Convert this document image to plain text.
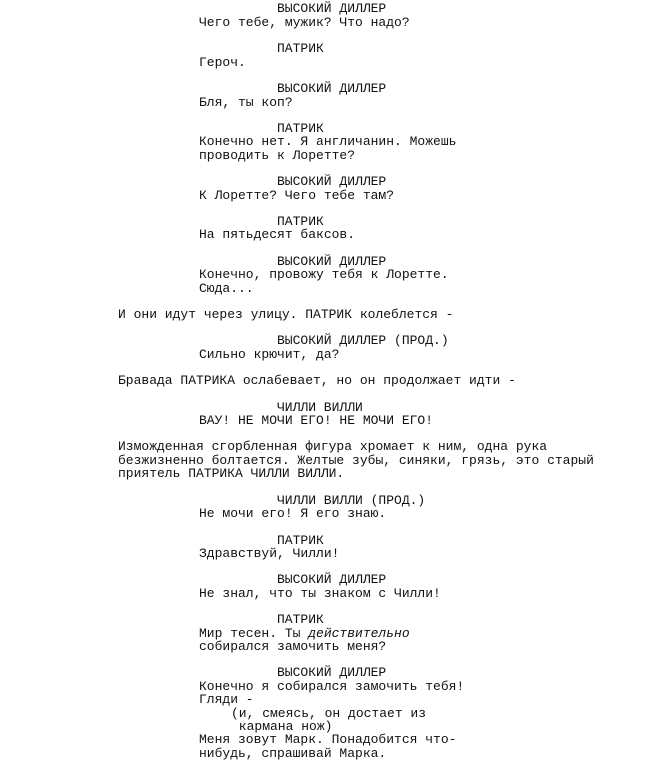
ВЫСОКИЙ ДИЛЛЕР
Чего тебе, мужик? Что надо?
ПАТРИК
Героч.
ВЫСОКИЙ ДИЛЛЕР
Бля, ты коп?
ПАТРИК
Конечно нет. Я англичанин. Можешь
проводить к Лоретте?
ВЫСОКИЙ ДИЛЛЕР
К Лоретте? Чего тебе там?
ПАТРИК
На пятьдесят баксов.
ВЫСОКИЙ ДИЛЛЕР
Конечно, провожу тебя к Лоретте.
Сюда...
И они идут через улицу. ПАТРИК колеблется -
ВЫСОКИЙ ДИЛЛЕР (ПРОД.)
Сильно крючит, да?
Бравада ПАТРИКА ослабевает, но он продолжает идти -
ЧИЛЛИ ВИЛЛИ
ВАУ! НЕ МОЧИ ЕГО! НЕ МОЧИ ЕГО!
Изможденная сгорбленная фигура хромает к ним, одна рука
безжизненно болтается. Желтые зубы, синяки, грязь, это старый
приятель ПАТРИКА ЧИЛЛИ ВИЛЛИ.
ЧИЛЛИ ВИЛЛИ (ПРОД.)
Не мочи его! Я его знаю.
ПАТРИК
Здравствуй, Чилли!
ВЫСОКИЙ ДИЛЛЕР
Не знал, что ты знаком с Чилли!
ПАТРИК
Мир тесен. Ты действительно
собирался замочить меня?
ВЫСОКИЙ ДИЛЛЕР
Конечно я собирался замочить тебя!
Гляди -
(и, смеясь, он достает из
кармана нож)
Меня зовут Марк. Понадобится что-
нибудь, спрашивай Марка.
